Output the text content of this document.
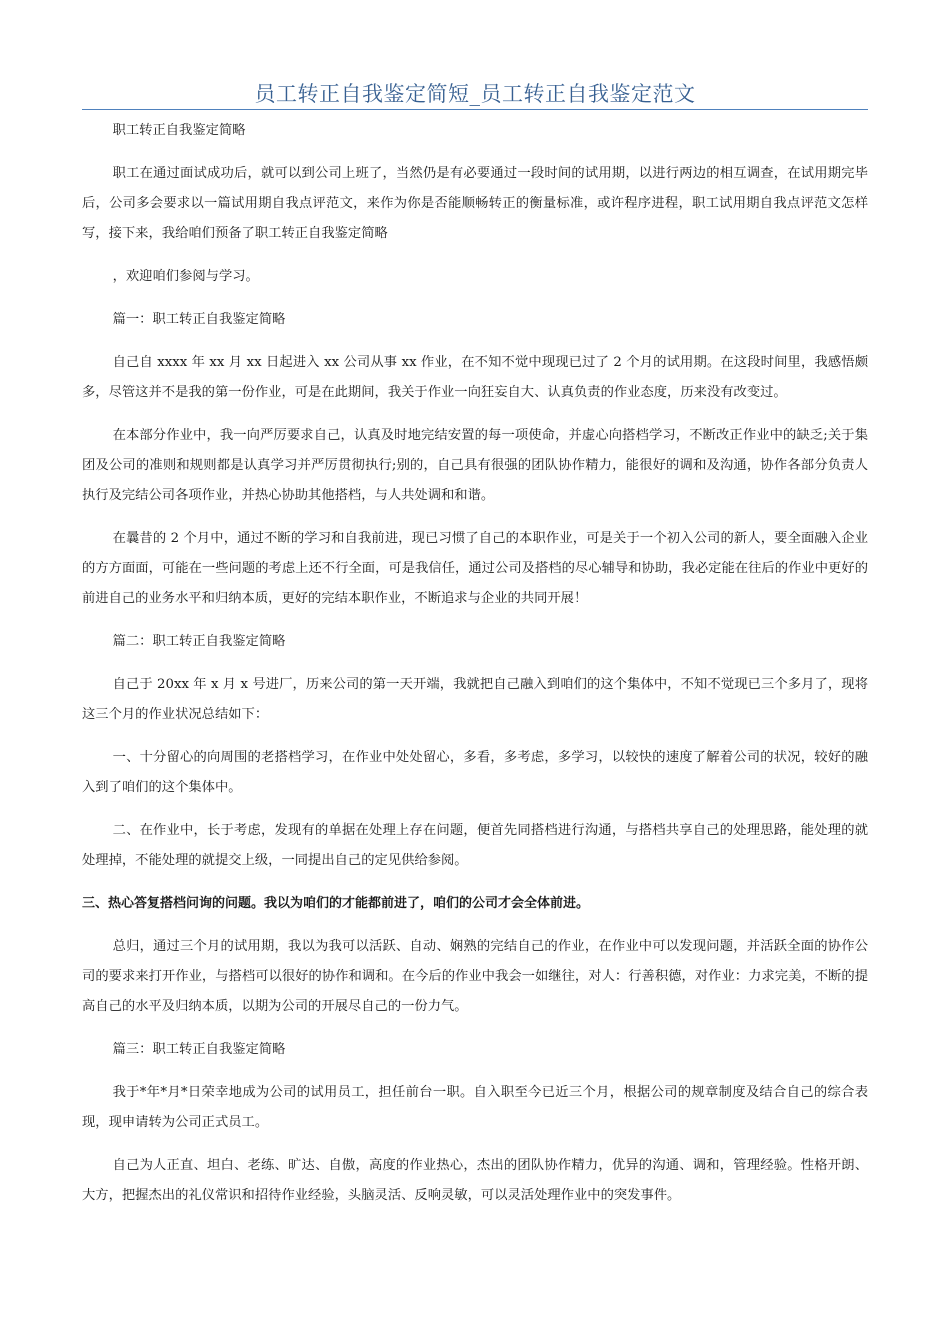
员工转正自我鉴定简短_员工转正自我鉴定范文

职工转正自我鉴定简略

职工在通过面试成功后，就可以到公司上班了，当然仍是有必要通过一段时间的试用期，以进行两边的相互调查，在试用期完毕后，公司多会要求以一篇试用期自我点评范文，来作为你是否能顺畅转正的衡量标准，或许程序进程，职工试用期自我点评范文怎样写，接下来，我给咱们预备了职工转正自我鉴定简略

，欢迎咱们参阅与学习。

篇一：职工转正自我鉴定简略

自己自 xxxx 年 xx 月 xx 日起进入 xx 公司从事 xx 作业，在不知不觉中现现已过了 2 个月的试用期。在这段时间里，我感悟颇多，尽管这并不是我的第一份作业，可是在此期间，我关于作业一向狂妄自大、认真负责的作业态度，历来没有改变过。

在本部分作业中，我一向严厉要求自己，认真及时地完结安置的每一项使命，并虚心向搭档学习，不断改正作业中的缺乏;关于集团及公司的准则和规则都是认真学习并严厉贯彻执行;别的，自己具有很强的团队协作精力，能很好的调和及沟通，协作各部分负责人执行及完结公司各项作业，并热心协助其他搭档，与人共处调和和谐。

在曩昔的 2 个月中，通过不断的学习和自我前进，现已习惯了自己的本职作业，可是关于一个初入公司的新人，要全面融入企业的方方面面，可能在一些问题的考虑上还不行全面，可是我信任，通过公司及搭档的尽心辅导和协助，我必定能在往后的作业中更好的前进自己的业务水平和归纳本质，更好的完结本职作业，不断追求与企业的共同开展！

篇二：职工转正自我鉴定简略

自己于 20xx 年 x 月 x 号进厂，历来公司的第一天开端，我就把自己融入到咱们的这个集体中，不知不觉现已三个多月了，现将这三个月的作业状况总结如下：

一、十分留心的向周围的老搭档学习，在作业中处处留心，多看，多考虑，多学习，以较快的速度了解着公司的状况，较好的融入到了咱们的这个集体中。

二、在作业中，长于考虑，发现有的单据在处理上存在问题，便首先同搭档进行沟通，与搭档共享自己的处理思路，能处理的就处理掉，不能处理的就提交上级，一同提出自己的定见供给参阅。

三、热心答复搭档问询的问题。我以为咱们的才能都前进了，咱们的公司才会全体前进。

总归，通过三个月的试用期，我以为我可以活跃、自动、娴熟的完结自己的作业，在作业中可以发现问题，并活跃全面的协作公司的要求来打开作业，与搭档可以很好的协作和调和。在今后的作业中我会一如继往，对人：行善积德，对作业：力求完美，不断的提高自己的水平及归纳本质，以期为公司的开展尽自己的一份力气。

篇三：职工转正自我鉴定简略

我于*年*月*日荣幸地成为公司的试用员工，担任前台一职。自入职至今已近三个月，根据公司的规章制度及结合自己的综合表现，现申请转为公司正式员工。

自己为人正直、坦白、老练、旷达、自傲，高度的作业热心，杰出的团队协作精力，优异的沟通、调和，管理经验。性格开朗、大方，把握杰出的礼仪常识和招待作业经验，头脑灵活、反响灵敏，可以灵活处理作业中的突发事件。
